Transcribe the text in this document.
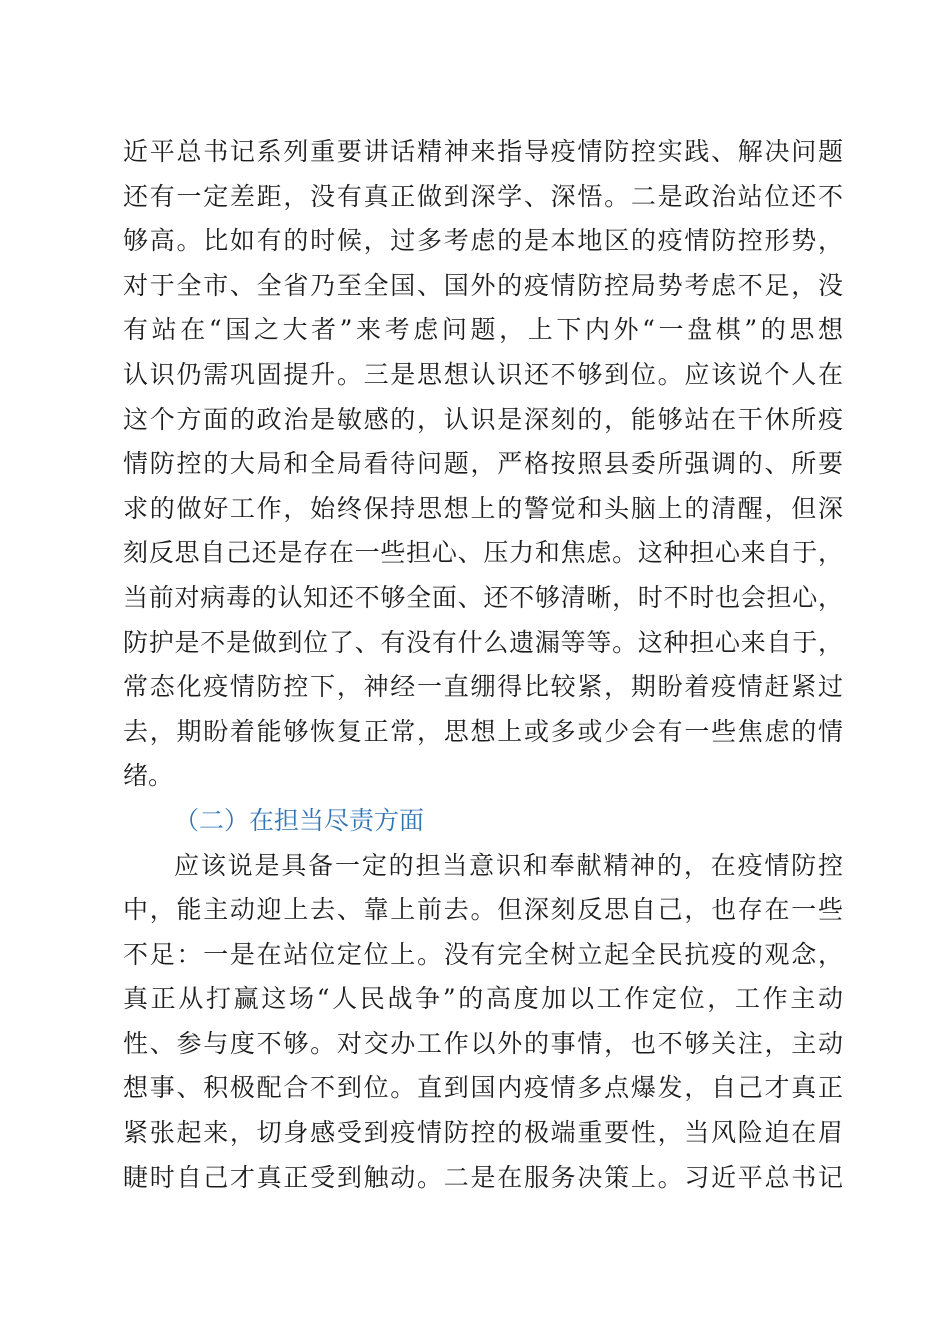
近平总书记系列重要讲话精神来指导疫情防控实践、解决问题
还有一定差距，没有真正做到深学、深悟。二是政治站位还不
够高。比如有的时候，过多考虑的是本地区的疫情防控形势，
对于全市、全省乃至全国、国外的疫情防控局势考虑不足，没
有站在“国之大者”来考虑问题，上下内外“一盘棋”的思想
认识仍需巩固提升。三是思想认识还不够到位。应该说个人在
这个方面的政治是敏感的，认识是深刻的，能够站在干休所疫
情防控的大局和全局看待问题，严格按照县委所强调的、所要
求的做好工作，始终保持思想上的警觉和头脑上的清醒，但深
刻反思自己还是存在一些担心、压力和焦虑。这种担心来自于，
当前对病毒的认知还不够全面、还不够清晰，时不时也会担心，
防护是不是做到位了、有没有什么遗漏等等。这种担心来自于，
常态化疫情防控下，神经一直绷得比较紧，期盼着疫情赶紧过
去，期盼着能够恢复正常，思想上或多或少会有一些焦虑的情
绪。
（二）在担当尽责方面
应该说是具备一定的担当意识和奉献精神的，在疫情防控
中，能主动迎上去、靠上前去。但深刻反思自己，也存在一些
不足：一是在站位定位上。没有完全树立起全民抗疫的观念，
真正从打赢这场“人民战争”的高度加以工作定位，工作主动
性、参与度不够。对交办工作以外的事情，也不够关注，主动
想事、积极配合不到位。直到国内疫情多点爆发，自己才真正
紧张起来，切身感受到疫情防控的极端重要性，当风险迫在眉
睫时自己才真正受到触动。二是在服务决策上。习近平总书记
